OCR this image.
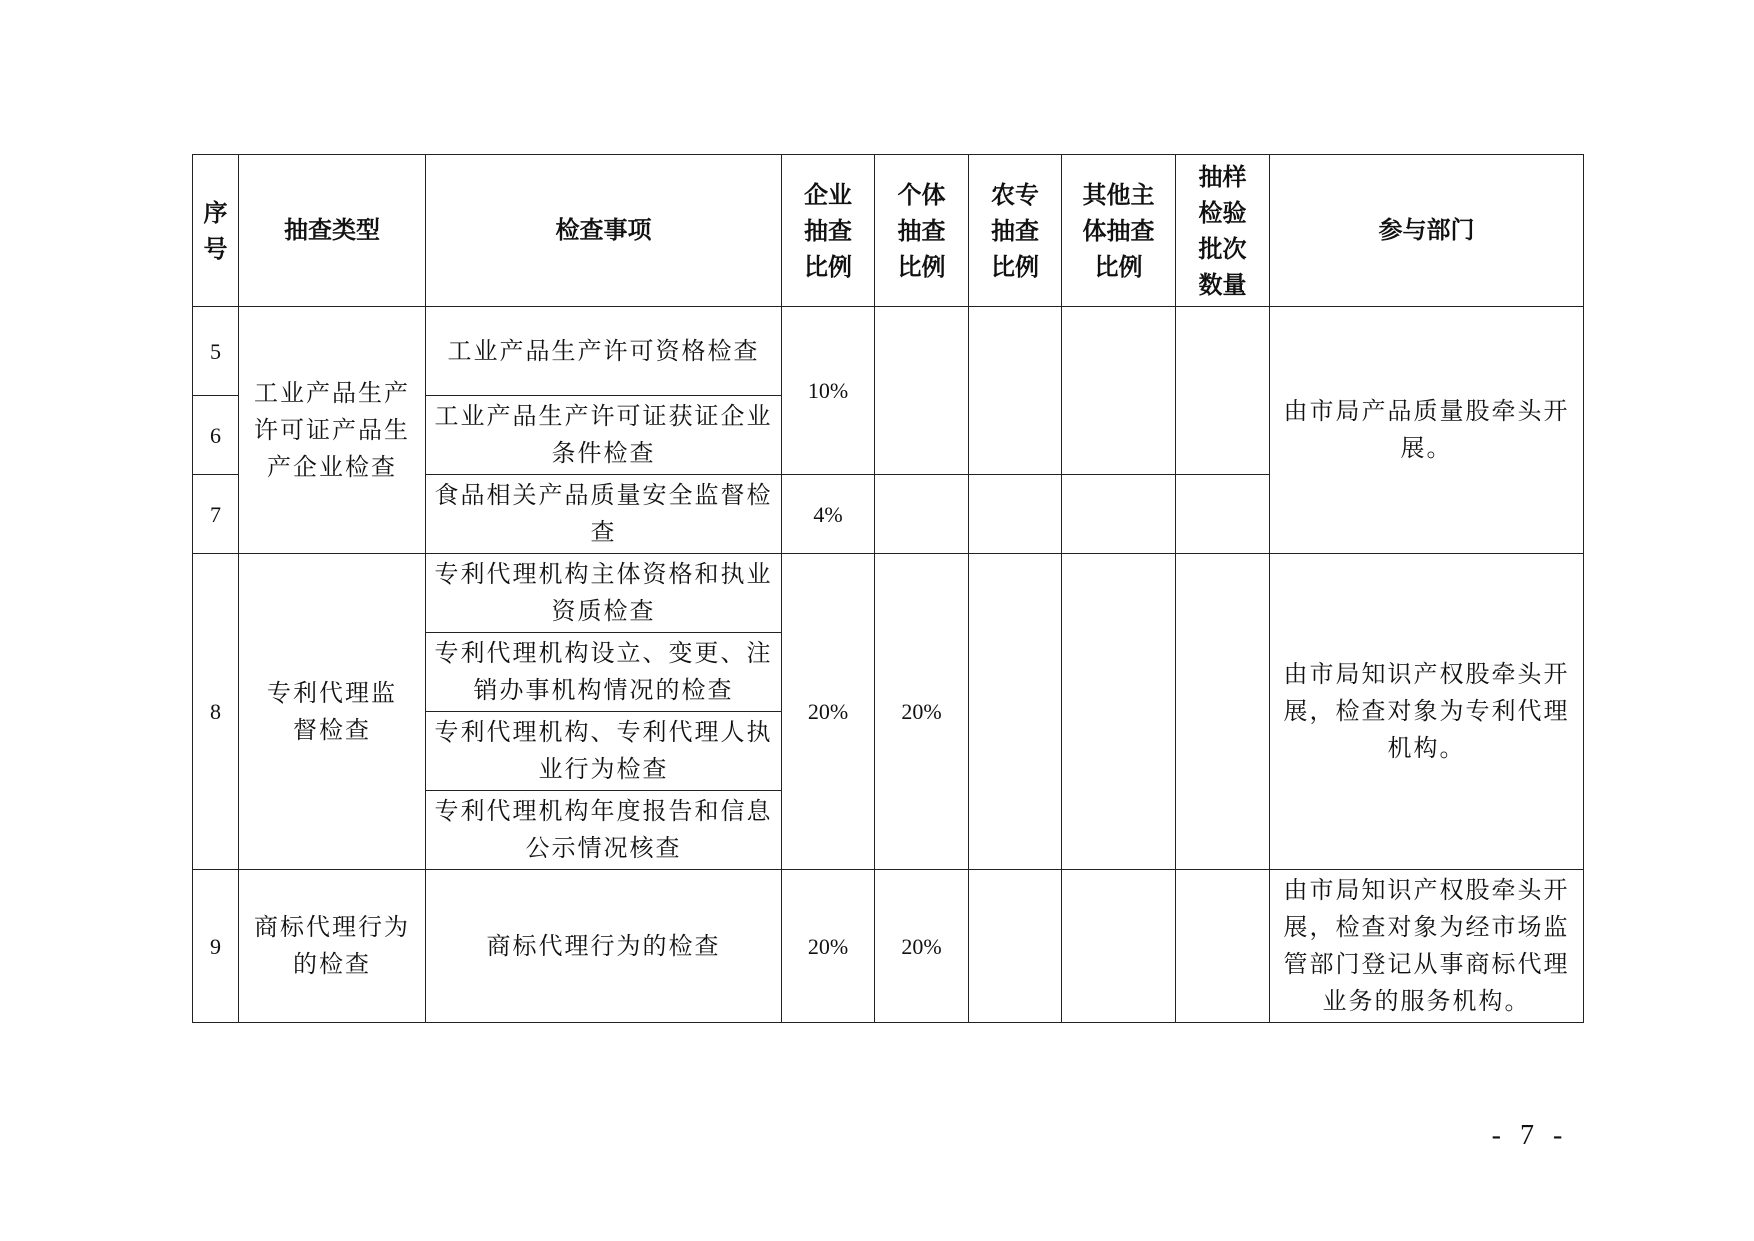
序号	抽查类型	检查事项	企业抽查比例	个体抽查比例	农专抽查比例	其他主体抽查比例	抽样检验批次数量	参与部门
5	工业产品生产许可证产品生产企业检查	工业产品生产许可资格检查	10%					由市局产品质量股牵头开展。
6		工业产品生产许可证获证企业条件检查						
7		食品相关产品质量安全监督检查	4%					
8	专利代理监督检查	专利代理机构主体资格和执业资质检查	20%	20%				由市局知识产权股牵头开展，检查对象为专利代理机构。
		专利代理机构设立、变更、注销办事机构情况的检查						
		专利代理机构、专利代理人执业行为检查						
		专利代理机构年度报告和信息公示情况核查						
9	商标代理行为的检查	商标代理行为的检查	20%	20%				由市局知识产权股牵头开展，检查对象为经市场监管部门登记从事商标代理业务的服务机构。
- 7 -
